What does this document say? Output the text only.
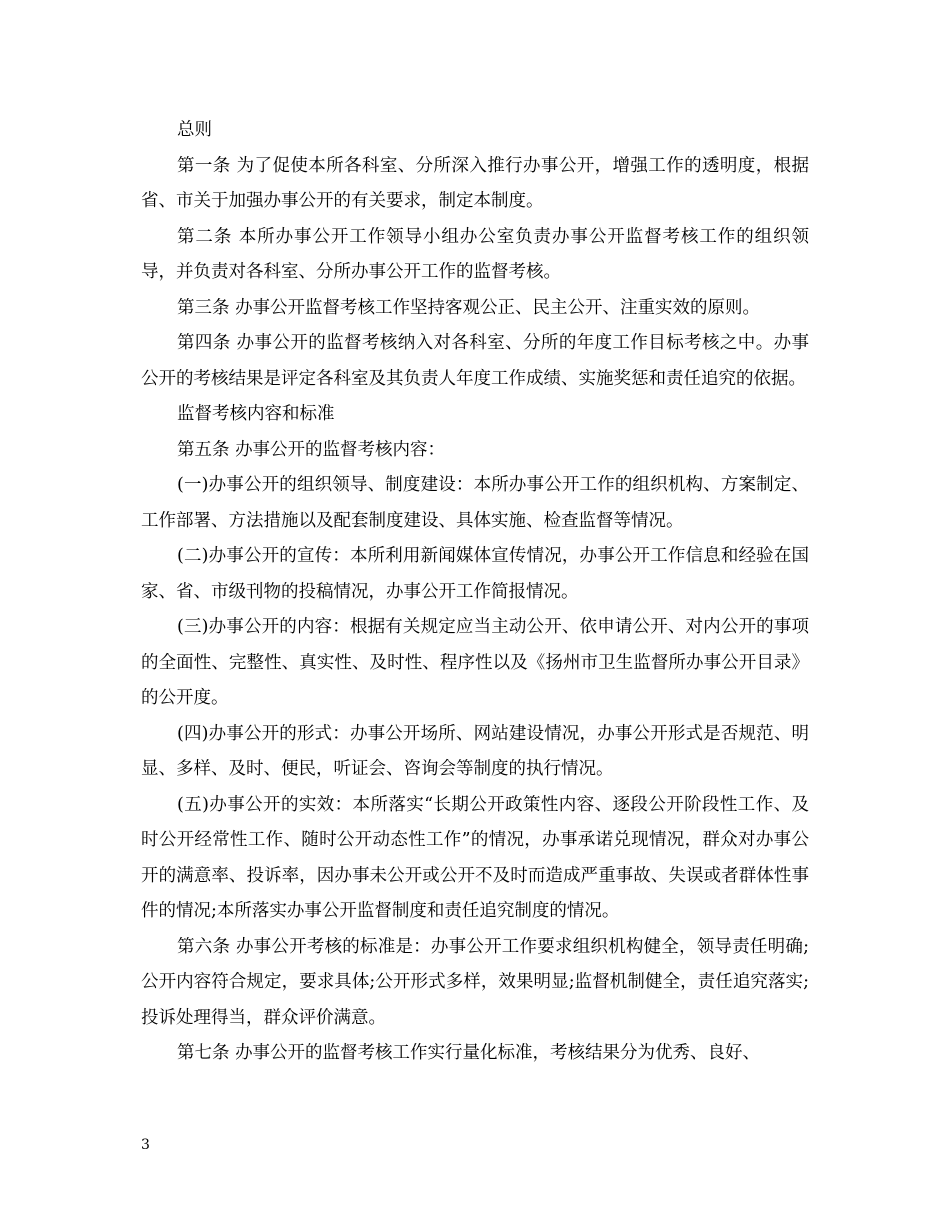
总则

第一条 为了促使本所各科室、分所深入推行办事公开，增强工作的透明度，根据省、市关于加强办事公开的有关要求，制定本制度。

第二条 本所办事公开工作领导小组办公室负责办事公开监督考核工作的组织领导，并负责对各科室、分所办事公开工作的监督考核。

第三条 办事公开监督考核工作坚持客观公正、民主公开、注重实效的原则。

第四条 办事公开的监督考核纳入对各科室、分所的年度工作目标考核之中。办事公开的考核结果是评定各科室及其负责人年度工作成绩、实施奖惩和责任追究的依据。

监督考核内容和标准

第五条 办事公开的监督考核内容：

(一)办事公开的组织领导、制度建设：本所办事公开工作的组织机构、方案制定、工作部署、方法措施以及配套制度建设、具体实施、检查监督等情况。

(二)办事公开的宣传：本所利用新闻媒体宣传情况，办事公开工作信息和经验在国家、省、市级刊物的投稿情况，办事公开工作简报情况。

(三)办事公开的内容：根据有关规定应当主动公开、依申请公开、对内公开的事项的全面性、完整性、真实性、及时性、程序性以及《扬州市卫生监督所办事公开目录》的公开度。

(四)办事公开的形式：办事公开场所、网站建设情况，办事公开形式是否规范、明显、多样、及时、便民，听证会、咨询会等制度的执行情况。

(五)办事公开的实效：本所落实“长期公开政策性内容、逐段公开阶段性工作、及时公开经常性工作、随时公开动态性工作”的情况，办事承诺兑现情况，群众对办事公开的满意率、投诉率，因办事未公开或公开不及时而造成严重事故、失误或者群体性事件的情况;本所落实办事公开监督制度和责任追究制度的情况。

第六条 办事公开考核的标准是：办事公开工作要求组织机构健全，领导责任明确;公开内容符合规定，要求具体;公开形式多样，效果明显;监督机制健全，责任追究落实;投诉处理得当，群众评价满意。

第七条 办事公开的监督考核工作实行量化标准，考核结果分为优秀、良好、

3
